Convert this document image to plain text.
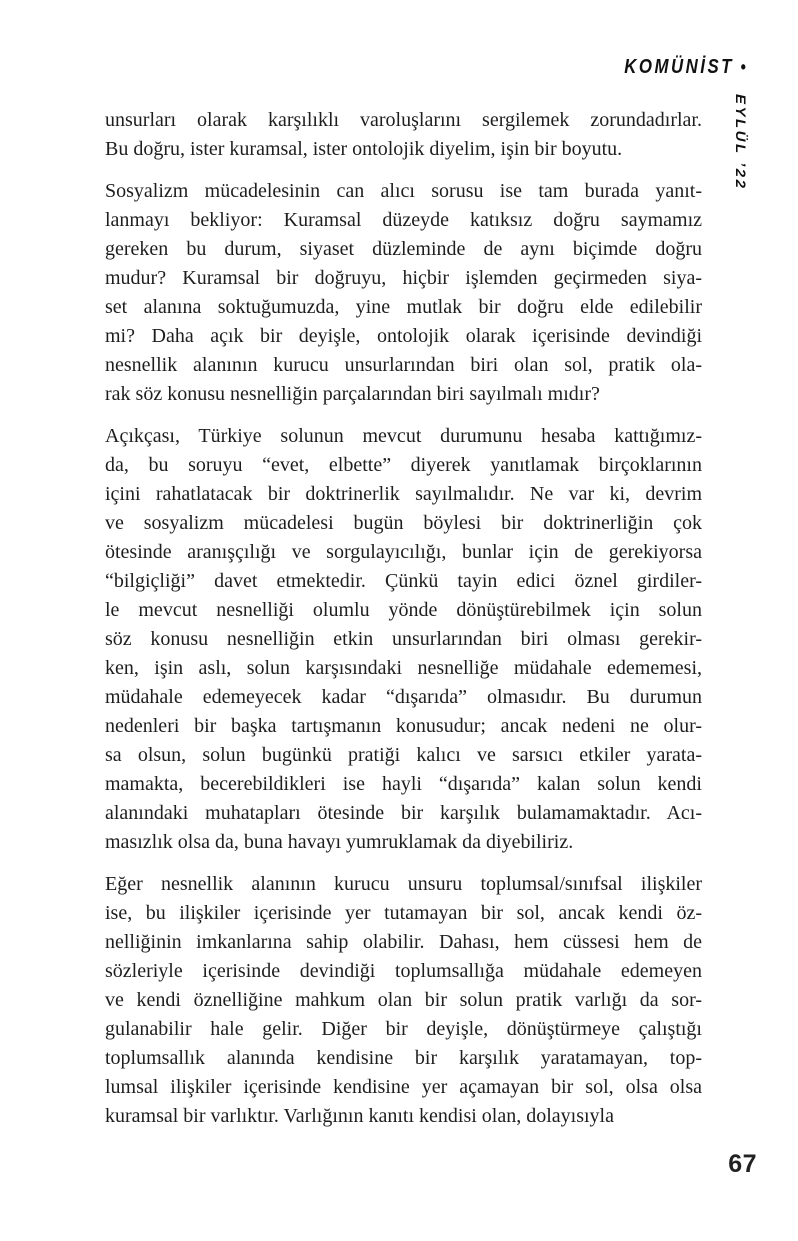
KOMÜNİST •
EYLÜL ’22
unsurları olarak karşılıklı varoluşlarını sergilemek zorundadırlar.
Bu doğru, ister kuramsal, ister ontolojik diyelim, işin bir boyutu.
Sosyalizm mücadelesinin can alıcı sorusu ise tam burada yanıt-
lanmayı bekliyor: Kuramsal düzeyde katıksız doğru saymamız
gereken bu durum, siyaset düzleminde de aynı biçimde doğru
mudur? Kuramsal bir doğruyu, hiçbir işlemden geçirmeden siya-
set alanına soktuğumuzda, yine mutlak bir doğru elde edilebilir
mi? Daha açık bir deyişle, ontolojik olarak içerisinde devindiği
nesnellik alanının kurucu unsurlarından biri olan sol, pratik ola-
rak söz konusu nesnelliğin parçalarından biri sayılmalı mıdır?
Açıkçası, Türkiye solunun mevcut durumunu hesaba kattığımız-
da, bu soruyu “evet, elbette” diyerek yanıtlamak birçoklarının
içini rahatlatacak bir doktrinerlik sayılmalıdır. Ne var ki, devrim
ve sosyalizm mücadelesi bugün böylesi bir doktrinerliğin çok
ötesinde aranışçılığı ve sorgulayıcılığı, bunlar için de gerekiyorsa
“bilgiçliği” davet etmektedir. Çünkü tayin edici öznel girdiler-
le mevcut nesnelliği olumlu yönde dönüştürebilmek için solun
söz konusu nesnelliğin etkin unsurlarından biri olması gerekir-
ken, işin aslı, solun karşısındaki nesnelliğe müdahale edememesi,
müdahale edemeyecek kadar “dışarıda” olmasıdır. Bu durumun
nedenleri bir başka tartışmanın konusudur; ancak nedeni ne olur-
sa olsun, solun bugünkü pratiği kalıcı ve sarsıcı etkiler yarata-
mamakta, becerebildikleri ise hayli “dışarıda” kalan solun kendi
alanındaki muhatapları ötesinde bir karşılık bulamamaktadır. Acı-
masızlık olsa da, buna havayı yumruklamak da diyebiliriz.
Eğer nesnellik alanının kurucu unsuru toplumsal/sınıfsal ilişkiler
ise, bu ilişkiler içerisinde yer tutamayan bir sol, ancak kendi öz-
nelliğinin imkanlarına sahip olabilir. Dahası, hem cüssesi hem de
sözleriyle içerisinde devindiği toplumsallığa müdahale edemeyen
ve kendi öznelliğine mahkum olan bir solun pratik varlığı da sor-
gulanabilir hale gelir. Diğer bir deyişle, dönüştürmeye çalıştığı
toplumsallık alanında kendisine bir karşılık yaratamayan, top-
lumsal ilişkiler içerisinde kendisine yer açamayan bir sol, olsa olsa
kuramsal bir varlıktır. Varlığının kanıtı kendisi olan, dolayısıyla
67
